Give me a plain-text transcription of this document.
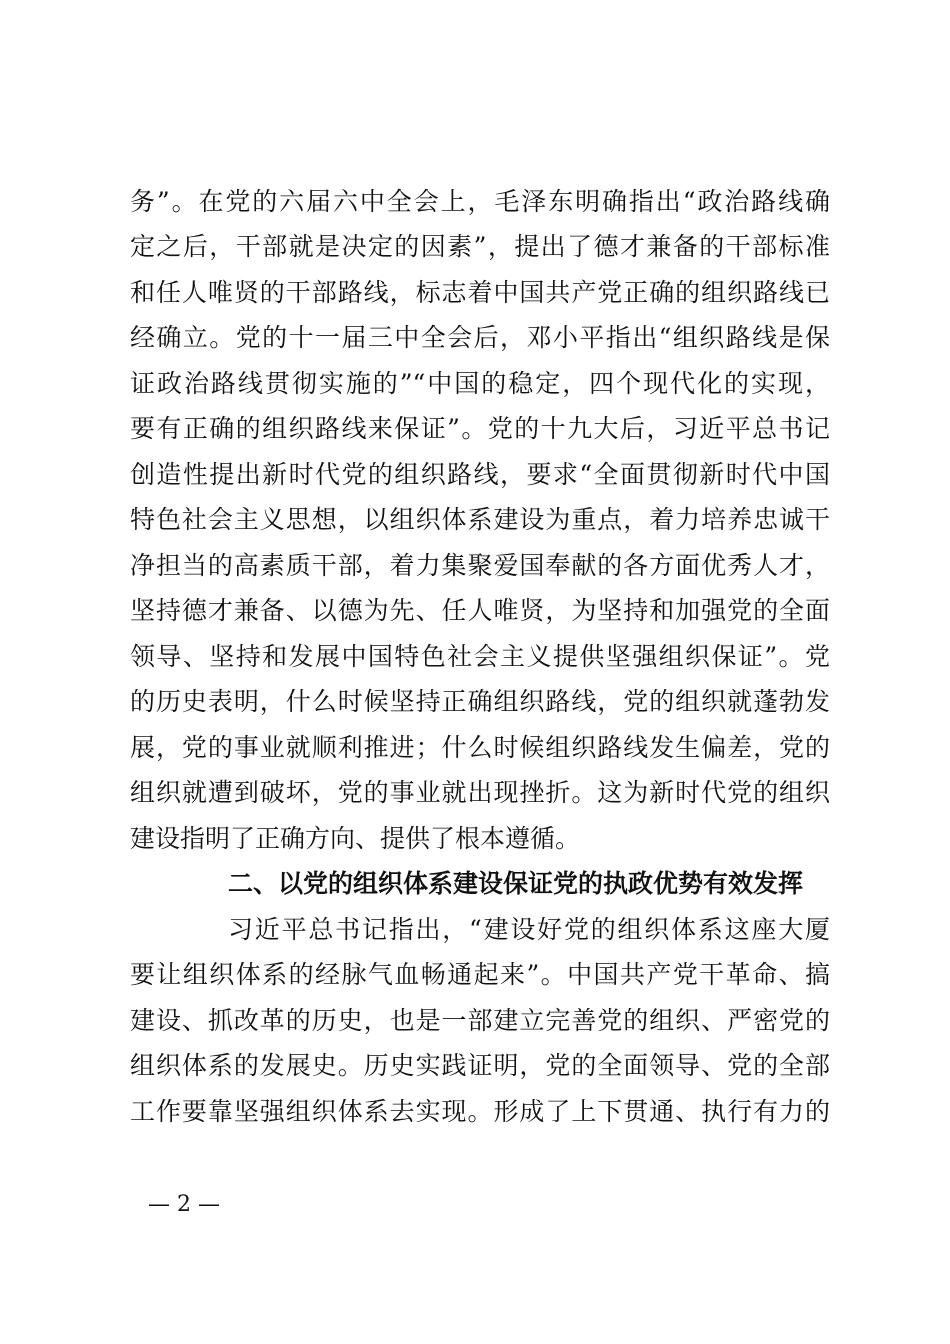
务”。在党的六届六中全会上，毛泽东明确指出“政治路线确
定之后，干部就是决定的因素”，提出了德才兼备的干部标准
和任人唯贤的干部路线，标志着中国共产党正确的组织路线已
经确立。党的十一届三中全会后，邓小平指出“组织路线是保
证政治路线贯彻实施的”“中国的稳定，四个现代化的实现，
要有正确的组织路线来保证”。党的十九大后，习近平总书记
创造性提出新时代党的组织路线，要求“全面贯彻新时代中国
特色社会主义思想，以组织体系建设为重点，着力培养忠诚干
净担当的高素质干部，着力集聚爱国奉献的各方面优秀人才，
坚持德才兼备、以德为先、任人唯贤，为坚持和加强党的全面
领导、坚持和发展中国特色社会主义提供坚强组织保证”。党
的历史表明，什么时候坚持正确组织路线，党的组织就蓬勃发
展，党的事业就顺利推进；什么时候组织路线发生偏差，党的
组织就遭到破坏，党的事业就出现挫折。这为新时代党的组织
建设指明了正确方向、提供了根本遵循。
二、以党的组织体系建设保证党的执政优势有效发挥
习近平总书记指出，“建设好党的组织体系这座大厦
要让组织体系的经脉气血畅通起来”。中国共产党干革命、搞
建设、抓改革的历史，也是一部建立完善党的组织、严密党的
组织体系的发展史。历史实践证明，党的全面领导、党的全部
工作要靠坚强组织体系去实现。形成了上下贯通、执行有力的
— 2 —
